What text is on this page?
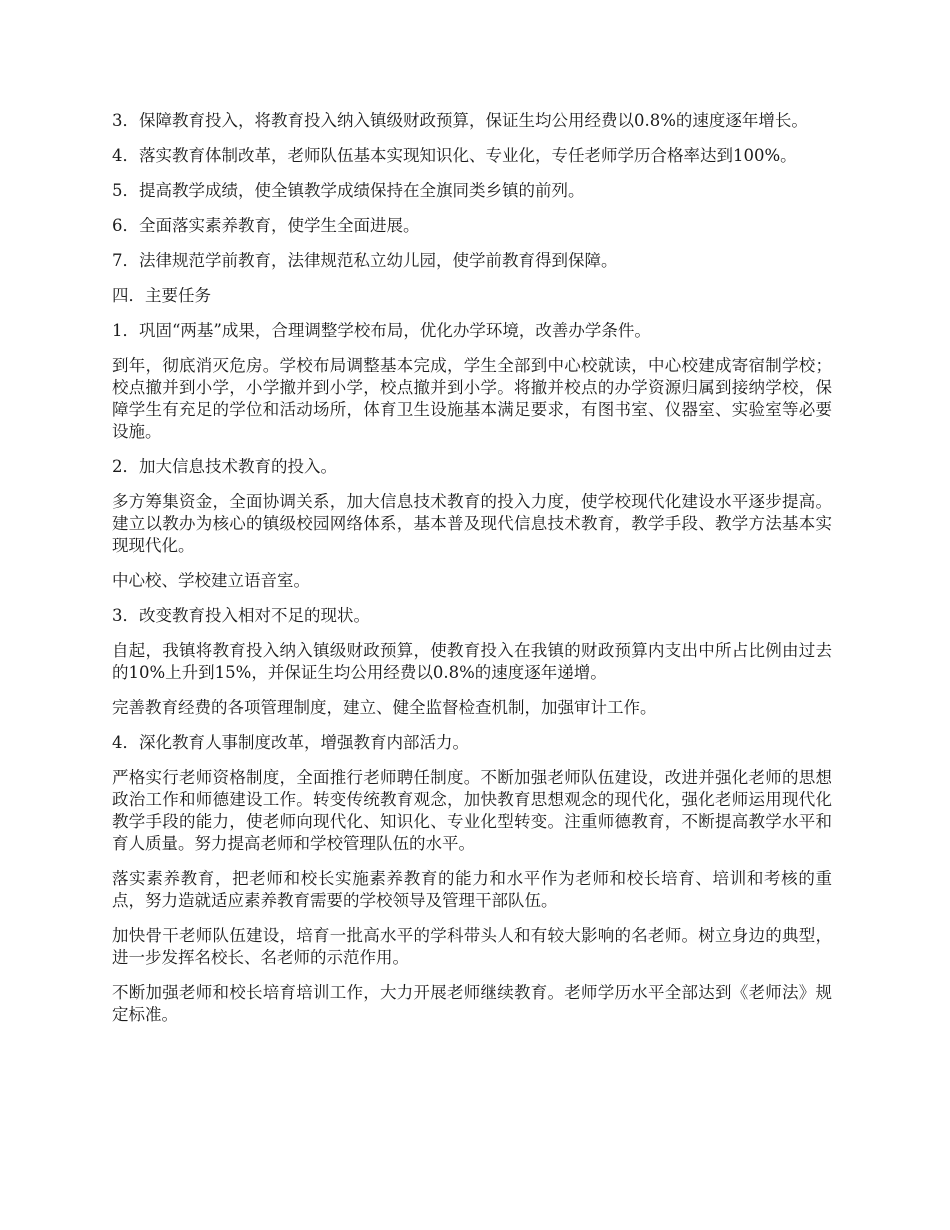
3．保障教育投入，将教育投入纳入镇级财政预算，保证生均公用经费以0.8%的速度逐年增长。

4．落实教育体制改革，老师队伍基本实现知识化、专业化，专任老师学历合格率达到100%。

5．提高教学成绩，使全镇教学成绩保持在全旗同类乡镇的前列。

6．全面落实素养教育，使学生全面进展。

7．法律规范学前教育，法律规范私立幼儿园，使学前教育得到保障。

四．主要任务

1．巩固“两基”成果，合理调整学校布局，优化办学环境，改善办学条件。

到年，彻底消灭危房。学校布局调整基本完成，学生全部到中心校就读，中心校建成寄宿制学校；校点撤并到小学，小学撤并到小学，校点撤并到小学。将撤并校点的办学资源归属到接纳学校，保障学生有充足的学位和活动场所，体育卫生设施基本满足要求，有图书室、仪器室、实验室等必要设施。

2．加大信息技术教育的投入。

多方筹集资金，全面协调关系，加大信息技术教育的投入力度，使学校现代化建设水平逐步提高。建立以教办为核心的镇级校园网络体系，基本普及现代信息技术教育，教学手段、教学方法基本实现现代化。

中心校、学校建立语音室。

3．改变教育投入相对不足的现状。

自起，我镇将教育投入纳入镇级财政预算，使教育投入在我镇的财政预算内支出中所占比例由过去的10%上升到15%，并保证生均公用经费以0.8%的速度逐年递增。

完善教育经费的各项管理制度，建立、健全监督检查机制，加强审计工作。

4．深化教育人事制度改革，增强教育内部活力。

严格实行老师资格制度，全面推行老师聘任制度。不断加强老师队伍建设，改进并强化老师的思想政治工作和师德建设工作。转变传统教育观念，加快教育思想观念的现代化，强化老师运用现代化教学手段的能力，使老师向现代化、知识化、专业化型转变。注重师德教育，不断提高教学水平和育人质量。努力提高老师和学校管理队伍的水平。

落实素养教育，把老师和校长实施素养教育的能力和水平作为老师和校长培育、培训和考核的重点，努力造就适应素养教育需要的学校领导及管理干部队伍。

加快骨干老师队伍建设，培育一批高水平的学科带头人和有较大影响的名老师。树立身边的典型，进一步发挥名校长、名老师的示范作用。

不断加强老师和校长培育培训工作，大力开展老师继续教育。老师学历水平全部达到《老师法》规定标准。
